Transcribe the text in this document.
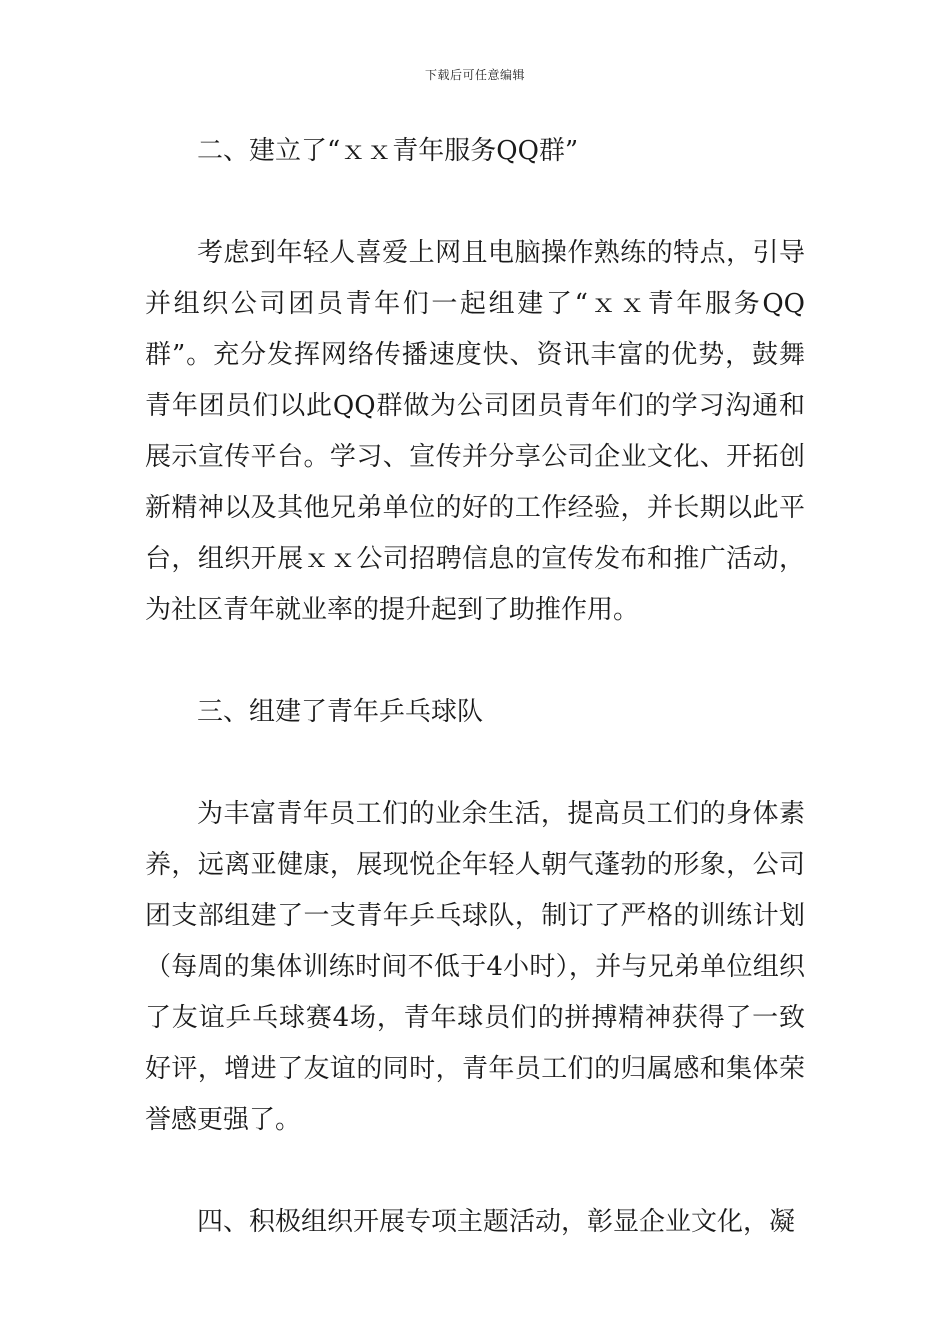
下载后可任意编辑

二、建立了“ｘｘ青年服务QQ群”

考虑到年轻人喜爱上网且电脑操作熟练的特点，引导并组织公司团员青年们一起组建了“ｘｘ青年服务QQ群”。充分发挥网络传播速度快、资讯丰富的优势，鼓舞青年团员们以此QQ群做为公司团员青年们的学习沟通和展示宣传平台。学习、宣传并分享公司企业文化、开拓创新精神以及其他兄弟单位的好的工作经验，并长期以此平台，组织开展ｘｘ公司招聘信息的宣传发布和推广活动，为社区青年就业率的提升起到了助推作用。

三、组建了青年乒乓球队

为丰富青年员工们的业余生活，提高员工们的身体素养，远离亚健康，展现悦企年轻人朝气蓬勃的形象，公司团支部组建了一支青年乒乓球队，制订了严格的训练计划（每周的集体训练时间不低于4小时），并与兄弟单位组织了友谊乒乓球赛4场，青年球员们的拼搏精神获得了一致好评，增进了友谊的同时，青年员工们的归属感和集体荣誉感更强了。

四、积极组织开展专项主题活动，彰显企业文化，凝
